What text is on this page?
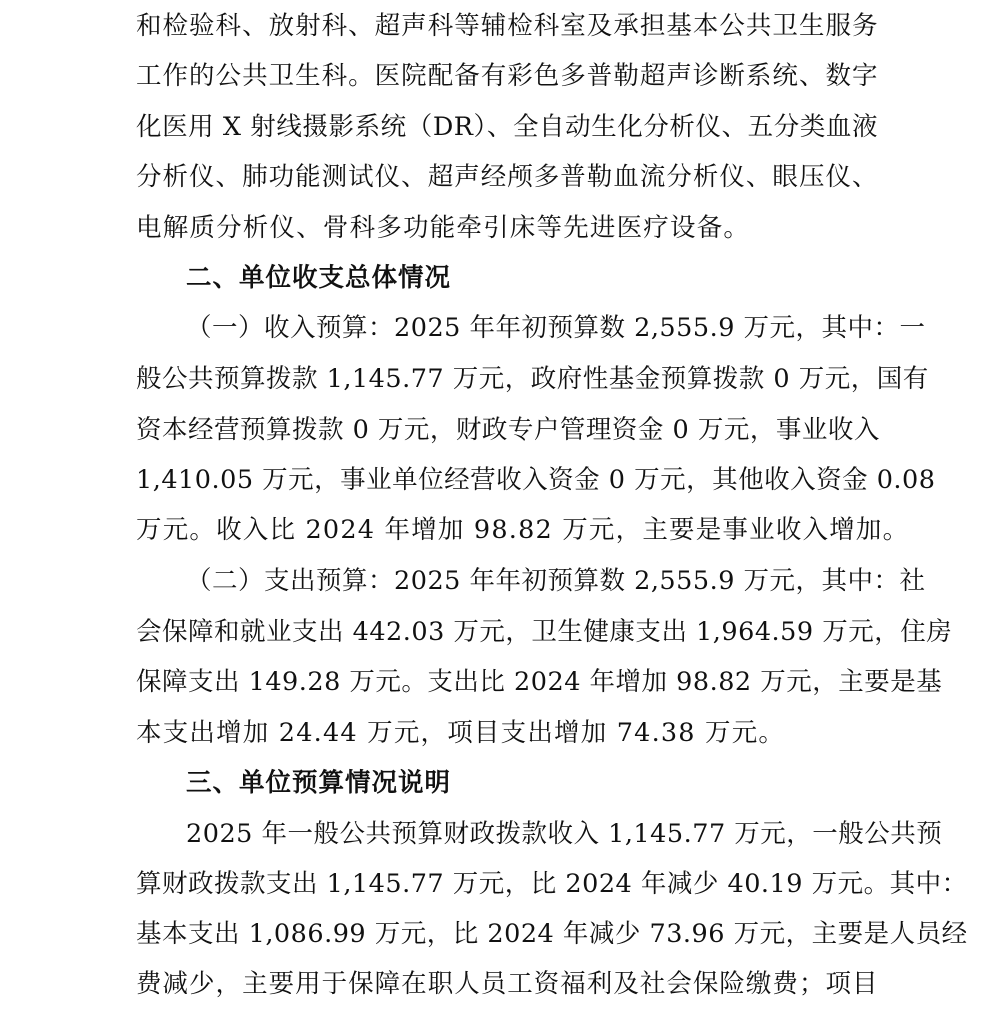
和检验科、放射科、超声科等辅检科室及承担基本公共卫生服务
工作的公共卫生科。医院配备有彩色多普勒超声诊断系统、数字
化医用 X 射线摄影系统（DR）、全自动生化分析仪、五分类血液
分析仪、肺功能测试仪、超声经颅多普勒血流分析仪、眼压仪、
电解质分析仪、骨科多功能牵引床等先进医疗设备。
二、单位收支总体情况
（一）收入预算：2025 年年初预算数 2,555.9 万元，其中：一
般公共预算拨款 1,145.77 万元，政府性基金预算拨款 0 万元，国有
资本经营预算拨款 0 万元，财政专户管理资金 0 万元，事业收入
1,410.05 万元，事业单位经营收入资金 0 万元，其他收入资金 0.08
万元。收入比 2024 年增加 98.82 万元，主要是事业收入增加。
（二）支出预算：2025 年年初预算数 2,555.9 万元，其中：社
会保障和就业支出 442.03 万元，卫生健康支出 1,964.59 万元，住房
保障支出 149.28 万元。支出比 2024 年增加 98.82 万元，主要是基
本支出增加 24.44 万元，项目支出增加 74.38 万元。
三、单位预算情况说明
2025 年一般公共预算财政拨款收入 1,145.77 万元，一般公共预
算财政拨款支出 1,145.77 万元，比 2024 年减少 40.19 万元。其中：
基本支出 1,086.99 万元，比 2024 年减少 73.96 万元，主要是人员经
费减少，主要用于保障在职人员工资福利及社会保险缴费；项目
